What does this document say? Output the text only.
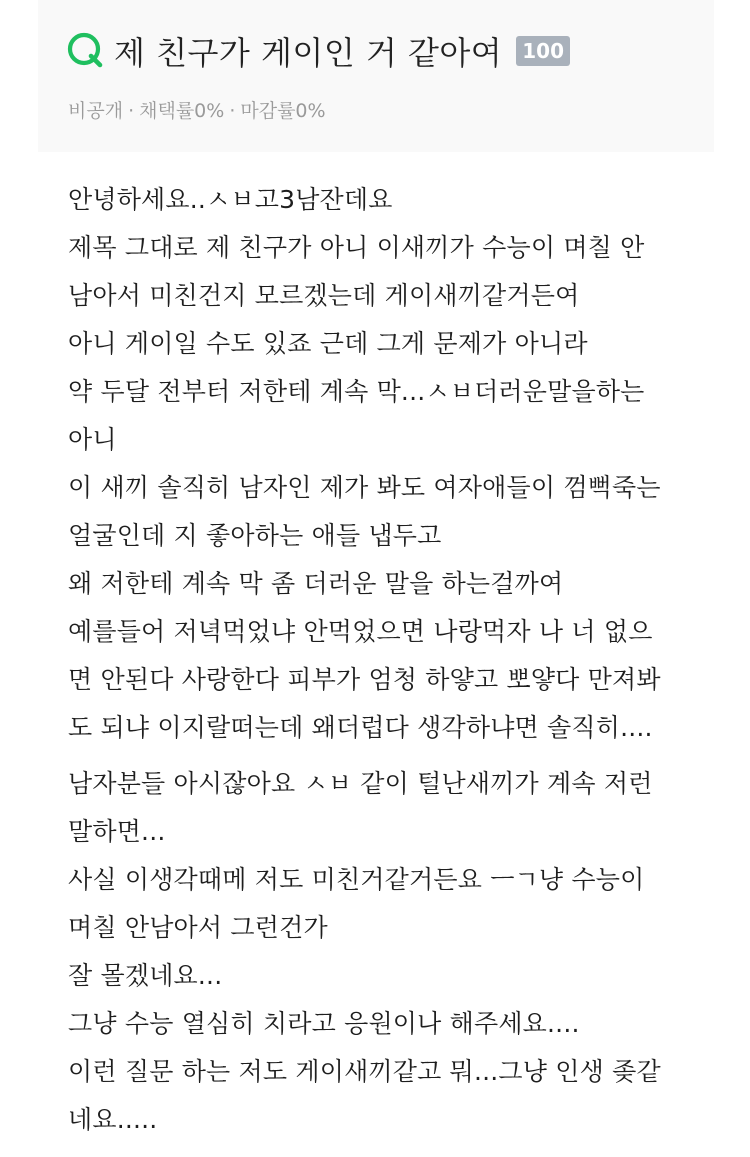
제 친구가 게이인 거 같아여	100
비공개 · 채택률0% · 마감률0%
안녕하세요..ㅅㅂ고3남잔데요
제목 그대로 제 친구가 아니 이새끼가 수능이 며칠 안
남아서 미친건지 모르겠는데 게이새끼같거든여
아니 게이일 수도 있죠 근데 그게 문제가 아니라
약 두달 전부터 저한테 계속 막...ㅅㅂ더러운말을하는
아니
이 새끼 솔직히 남자인 제가 봐도 여자애들이 껌뻑죽는
얼굴인데 지 좋아하는 애들 냅두고
왜 저한테 계속 막 좀 더러운 말을 하는걸까여
예를들어 저녁먹었냐 안먹었으면 나랑먹자 나 너 없으
면 안된다 사랑한다 피부가 엄청 하얗고 뽀얗다 만져봐
도 되냐 이지랄떠는데 왜더럽다 생각하냐면 솔직히....
남자분들 아시잖아요 ㅅㅂ 같이 털난새끼가 계속 저런
말하면...
사실 이생각때메 저도 미친거같거든요 ㅡㄱ냥 수능이
며칠 안남아서 그런건가
잘 몰겠네요...
그냥 수능 열심히 치라고 응원이나 해주세요....
이런 질문 하는 저도 게이새끼같고 뭐...그냥 인생 좆같
네요.....
